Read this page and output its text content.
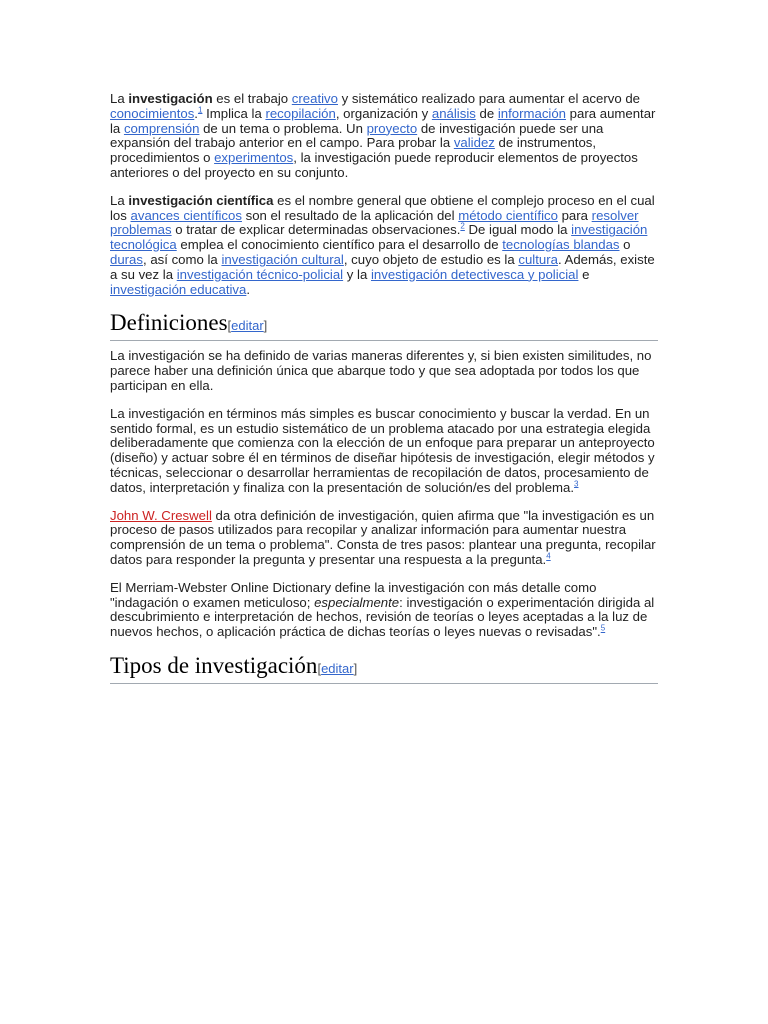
La investigación es el trabajo creativo y sistemático realizado para aumentar el acervo de conocimientos.$^1$ Implica la recopilación, organización y análisis de información para aumentar la comprensión de un tema o problema. Un proyecto de investigación puede ser una expansión del trabajo anterior en el campo. Para probar la validez de instrumentos, procedimientos o experimentos, la investigación puede reproducir elementos de proyectos anteriores o del proyecto en su conjunto.

La investigación científica es el nombre general que obtiene el complejo proceso en el cual los avances científicos son el resultado de la aplicación del método científico para resolver problemas o tratar de explicar determinadas observaciones.$^2$ De igual modo la investigación tecnológica emplea el conocimiento científico para el desarrollo de tecnologías blandas o duras, así como la investigación cultural, cuyo objeto de estudio es la cultura. Además, existe a su vez la investigación técnico-policial y la investigación detectivesca y policial e investigación educativa.

Definiciones[editar]

La investigación se ha definido de varias maneras diferentes y, si bien existen similitudes, no parece haber una definición única que abarque todo y que sea adoptada por todos los que participan en ella.

La investigación en términos más simples es buscar conocimiento y buscar la verdad. En un sentido formal, es un estudio sistemático de un problema atacado por una estrategia elegida deliberadamente que comienza con la elección de un enfoque para preparar un anteproyecto (diseño) y actuar sobre él en términos de diseñar hipótesis de investigación, elegir métodos y técnicas, seleccionar o desarrollar herramientas de recopilación de datos, procesamiento de datos, interpretación y finaliza con la presentación de solución/es del problema.$^3$

John W. Creswell da otra definición de investigación, quien afirma que "la investigación es un proceso de pasos utilizados para recopilar y analizar información para aumentar nuestra comprensión de un tema o problema". Consta de tres pasos: plantear una pregunta, recopilar datos para responder la pregunta y presentar una respuesta a la pregunta.$^4$

El Merriam-Webster Online Dictionary define la investigación con más detalle como "indagación o examen meticuloso; especialmente: investigación o experimentación dirigida al descubrimiento e interpretación de hechos, revisión de teorías o leyes aceptadas a la luz de nuevos hechos, o aplicación práctica de dichas teorías o leyes nuevas o revisadas".$^5$

Tipos de investigación[editar]
